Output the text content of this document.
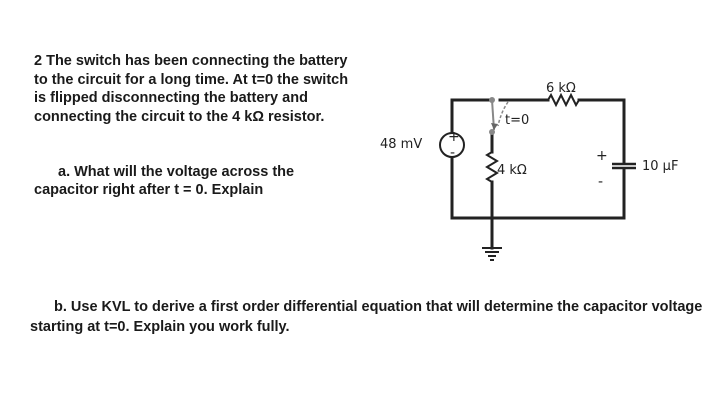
2 The switch has been connecting the battery to the circuit for a long time. At t=0 the switch is flipped disconnecting the battery and connecting the circuit to the 4 kΩ resistor.
a. What will the voltage across the capacitor right after t = 0. Explain
b. Use KVL to derive a first order differential equation that will determine the capacitor voltage starting at t=0. Explain you work fully.
+
-
48 mV
6 kΩ
4 kΩ
t=0
10 μF
+
-
